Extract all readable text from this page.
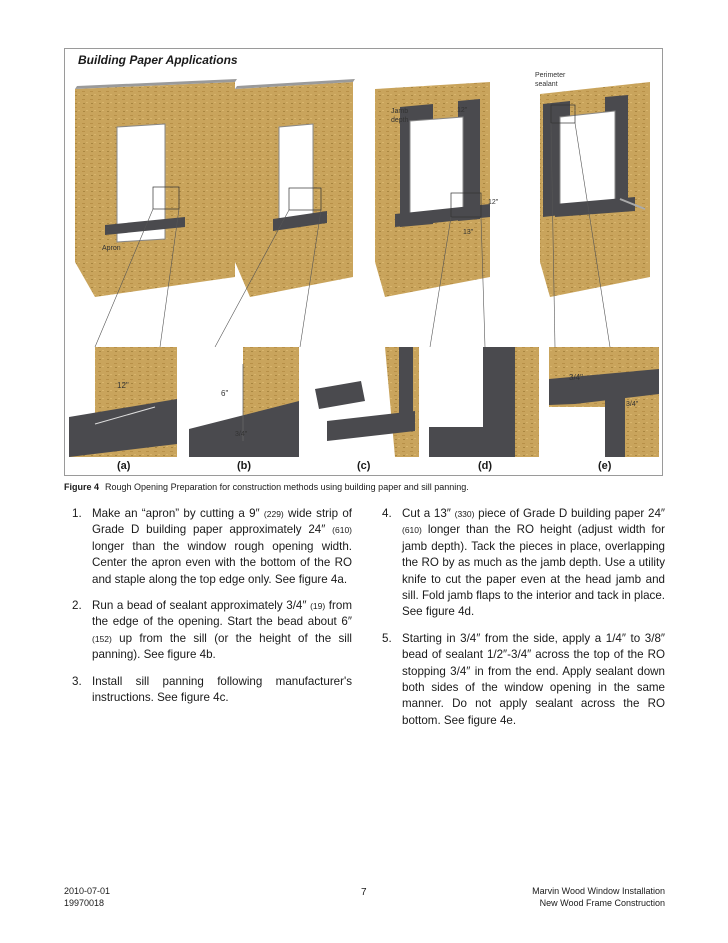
Building Paper Applications
Apron
Jamb depth
12"
Perimeter sealant
12"
13"
12"
6"
3/4"
3/4"
3/4"
(a)	(b)	(c)	(d)	(e)
Figure 4 Rough Opening Preparation for construction methods using building paper and sill panning.
1. Make an “apron” by cutting a 9″ (229) wide strip of Grade D building paper approximately 24″ (610) longer than the window rough opening width. Center the apron even with the bottom of the RO and staple along the top edge only. See figure 4a.
2. Run a bead of sealant approximately 3/4″ (19) from the edge of the opening. Start the bead about 6″ (152) up from the sill (or the height of the sill panning). See figure 4b.
3. Install sill panning following manufacturer's instructions. See figure 4c.
4. Cut a 13″ (330) piece of Grade D building paper 24″ (610) longer than the RO height (adjust width for jamb depth). Tack the pieces in place, overlapping the RO by as much as the jamb depth. Use a utility knife to cut the paper even at the head jamb and sill. Fold jamb flaps to the interior and tack in place. See figure 4d.
5. Starting in 3/4″ from the side, apply a 1/4″ to 3/8″ bead of sealant 1/2″-3/4″ across the top of the RO stopping 3/4″ in from the end. Apply sealant down both sides of the window opening in the same manner. Do not apply sealant across the RO bottom. See figure 4e.
2010-07-01
19970018
7	Marvin Wood Window Installation
New Wood Frame Construction
